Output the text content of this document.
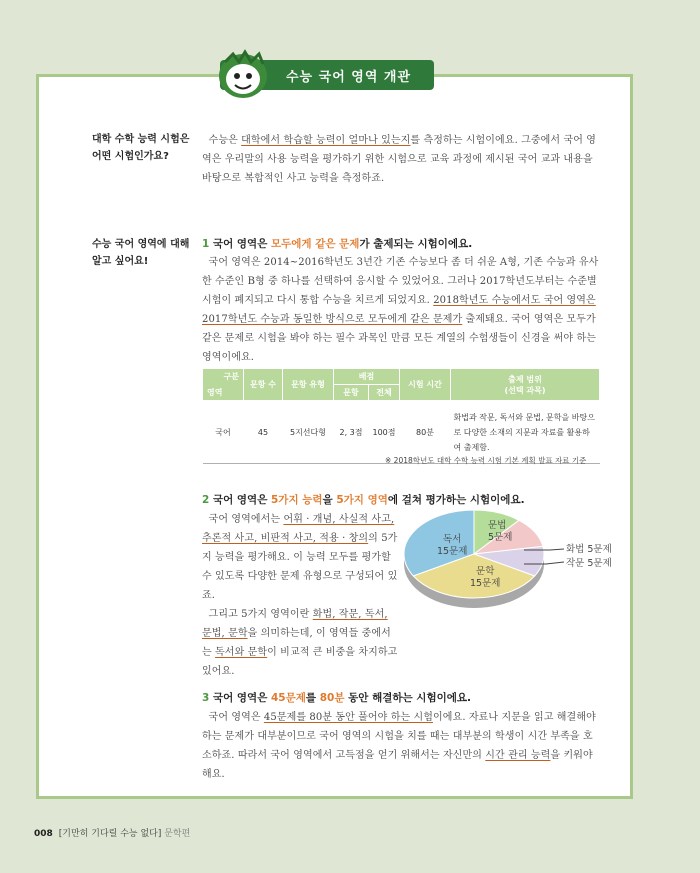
수능 국어 영역 개관
대학 수학 능력 시험은 어떤 시험인가요?
수능은 대학에서 학습할 능력이 얼마나 있는지를 측정하는 시험이에요. 그중에서 국어 영역은 우리말의 사용 능력을 평가하기 위한 시험으로 교육 과정에 제시된 국어 교과 내용을 바탕으로 복합적인 사고 능력을 측정하죠.
수능 국어 영역에 대해 알고 싶어요!
1 국어 영역은 모두에게 같은 문제가 출제되는 시험이에요.
국어 영역은 2014~2016학년도 3년간 기존 수능보다 좀 더 쉬운 A형, 기존 수능과 유사한 수준인 B형 중 하나를 선택하여 응시할 수 있었어요. 그러나 2017학년도부터는 수준별 시험이 폐지되고 다시 통합 수능을 치르게 되었지요. 2018학년도 수능에서도 국어 영역은 2017학년도 수능과 동일한 방식으로 모두에게 같은 문제가 출제돼요. 국어 영역은 모두가 같은 문제로 시험을 봐야 하는 필수 과목인 만큼 모든 계열의 수험생들이 신경을 써야 하는 영역이에요.
구분
영역	문항 수	문항 유형	배점		시험 시간	출제 범위
(선택 과목)
			문항	전체		
국어	45	5지선다형	2, 3점	100점	80분	화법과 작문, 독서와 문법, 문학을 바탕으로 다양한 소재의 지문과 자료를 활용하여 출제함.
※ 2018학년도 대학 수학 능력 시험 기본 계획 발표 자료 기준
2 국어 영역은 5가지 능력을 5가지 영역에 걸쳐 평가하는 시험이에요.
국어 영역에서는 어휘 · 개념, 사실적 사고, 추론적 사고, 비판적 사고, 적용 · 창의의 5가지 능력을 평가해요. 이 능력 모두를 평가할 수 있도록 다양한 문제 유형으로 구성되어 있죠.
그리고 5가지 영역이란 화법, 작문, 독서, 문법, 문학을 의미하는데, 이 영역들 중에서는 독서와 문학이 비교적 큰 비중을 차지하고 있어요.
독서
15문제
문법
5문제
문학
15문제
화법 5문제
작문 5문제
3 국어 영역은 45문제를 80분 동안 해결하는 시험이에요.
국어 영역은 45문제를 80분 동안 풀어야 하는 시험이에요. 자료나 지문을 읽고 해결해야 하는 문제가 대부분이므로 국어 영역의 시험을 치를 때는 대부분의 학생이 시간 부족을 호소하죠. 따라서 국어 영역에서 고득점을 얻기 위해서는 자신만의 시간 관리 능력을 키워야 해요.
008 [기만히 기다릴 수능 없다] 문학편
